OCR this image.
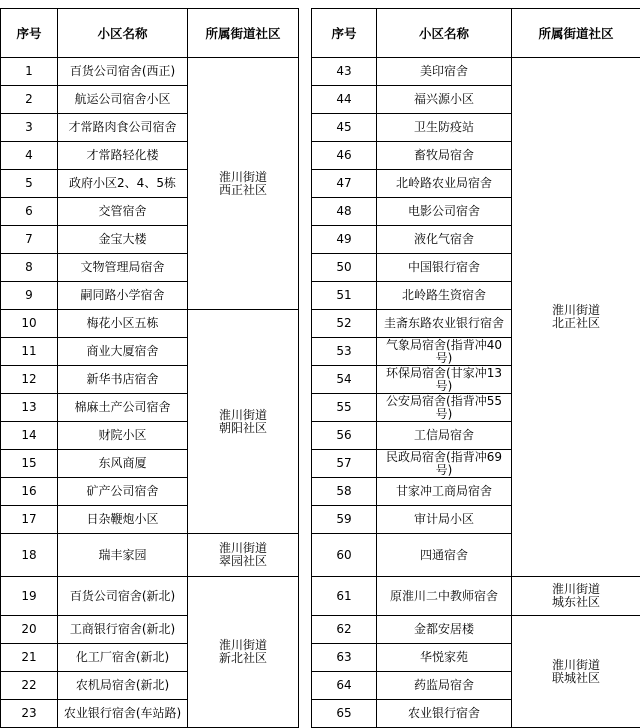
序号	小区名称	所属街道社区
1	百货公司宿舍(西正)	淮川街道
西正社区
2	航运公司宿舍小区	
3	才常路肉食公司宿舍	
4	才常路轻化楼	
5	政府小区2、4、5栋	
6	交管宿舍	
7	金宝大楼	
8	文物管理局宿舍	
9	嗣同路小学宿舍	
10	梅花小区五栋	淮川街道
朝阳社区
11	商业大厦宿舍	
12	新华书店宿舍	
13	棉麻土产公司宿舍	
14	财院小区	
15	东风商厦	
16	矿产公司宿舍	
17	日杂鞭炮小区	
18	瑞丰家园	淮川街道
翠园社区
19	百货公司宿舍(新北)	淮川街道
新北社区
20	工商银行宿舍(新北)	
21	化工厂宿舍(新北)	
22	农机局宿舍(新北)	
23	农业银行宿舍(车站路)	
序号	小区名称	所属街道社区
43	美印宿舍	淮川街道
北正社区
44	福兴源小区	
45	卫生防疫站	
46	畜牧局宿舍	
47	北岭路农业局宿舍	
48	电影公司宿舍	
49	液化气宿舍	
50	中国银行宿舍	
51	北岭路生资宿舍	
52	圭斋东路农业银行宿舍	

53	气象局宿舍(指背冲40号)	

54	环保局宿舍(甘家冲13号)	

55	公安局宿舍(指背冲55号)	

56	工信局宿舍	
57	民政局宿舍(指背冲69号)	

58	甘家冲工商局宿舍	
59	审计局小区	
60	四通宿舍	
61	原淮川二中教师宿舍	淮川街道
城东社区
62	金都安居楼	淮川街道
联城社区
63	华悦家苑	
64	药监局宿舍	
65	农业银行宿舍	
